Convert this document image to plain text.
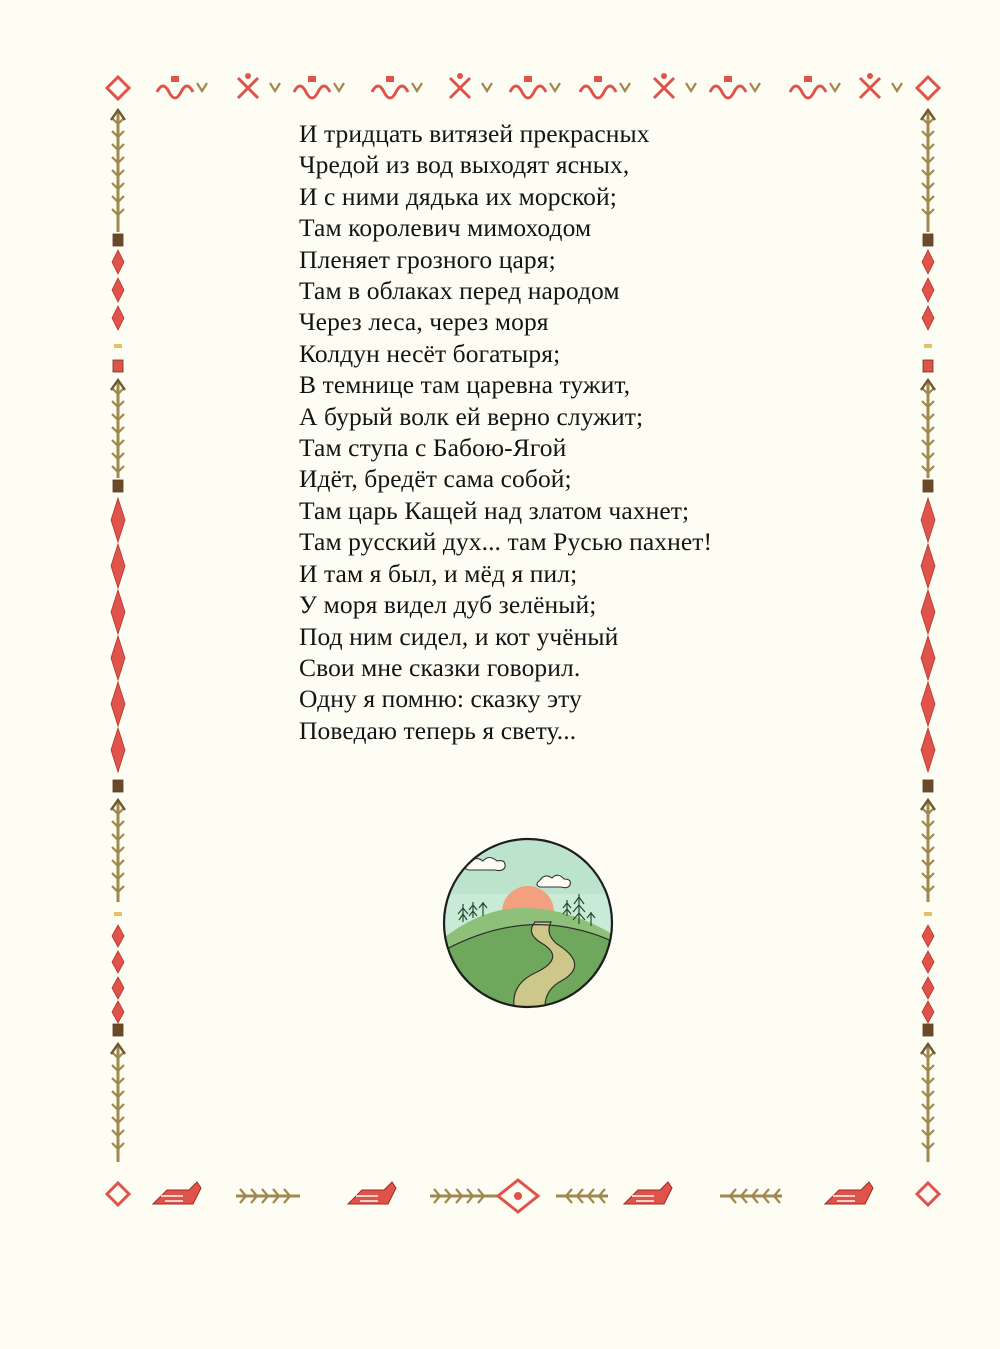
И тридцать витязей прекрасных
Чредой из вод выходят ясных,
И с ними дядька их морской;
Там королевич мимоходом
Пленяет грозного царя;
Там в облаках перед народом
Через леса, через моря
Колдун несёт богатыря;
В темнице там царевна тужит,
А бурый волк ей верно служит;
Там ступа с Бабою-Ягой
Идёт, бредёт сама собой;
Там царь Кащей над златом чахнет;
Там русский дух... там Русью пахнет!
И там я был, и мёд я пил;
У моря видел дуб зелёный;
Под ним сидел, и кот учёный
Свои мне сказки говорил.
Одну я помню: сказку эту
Поведаю теперь я свету...
